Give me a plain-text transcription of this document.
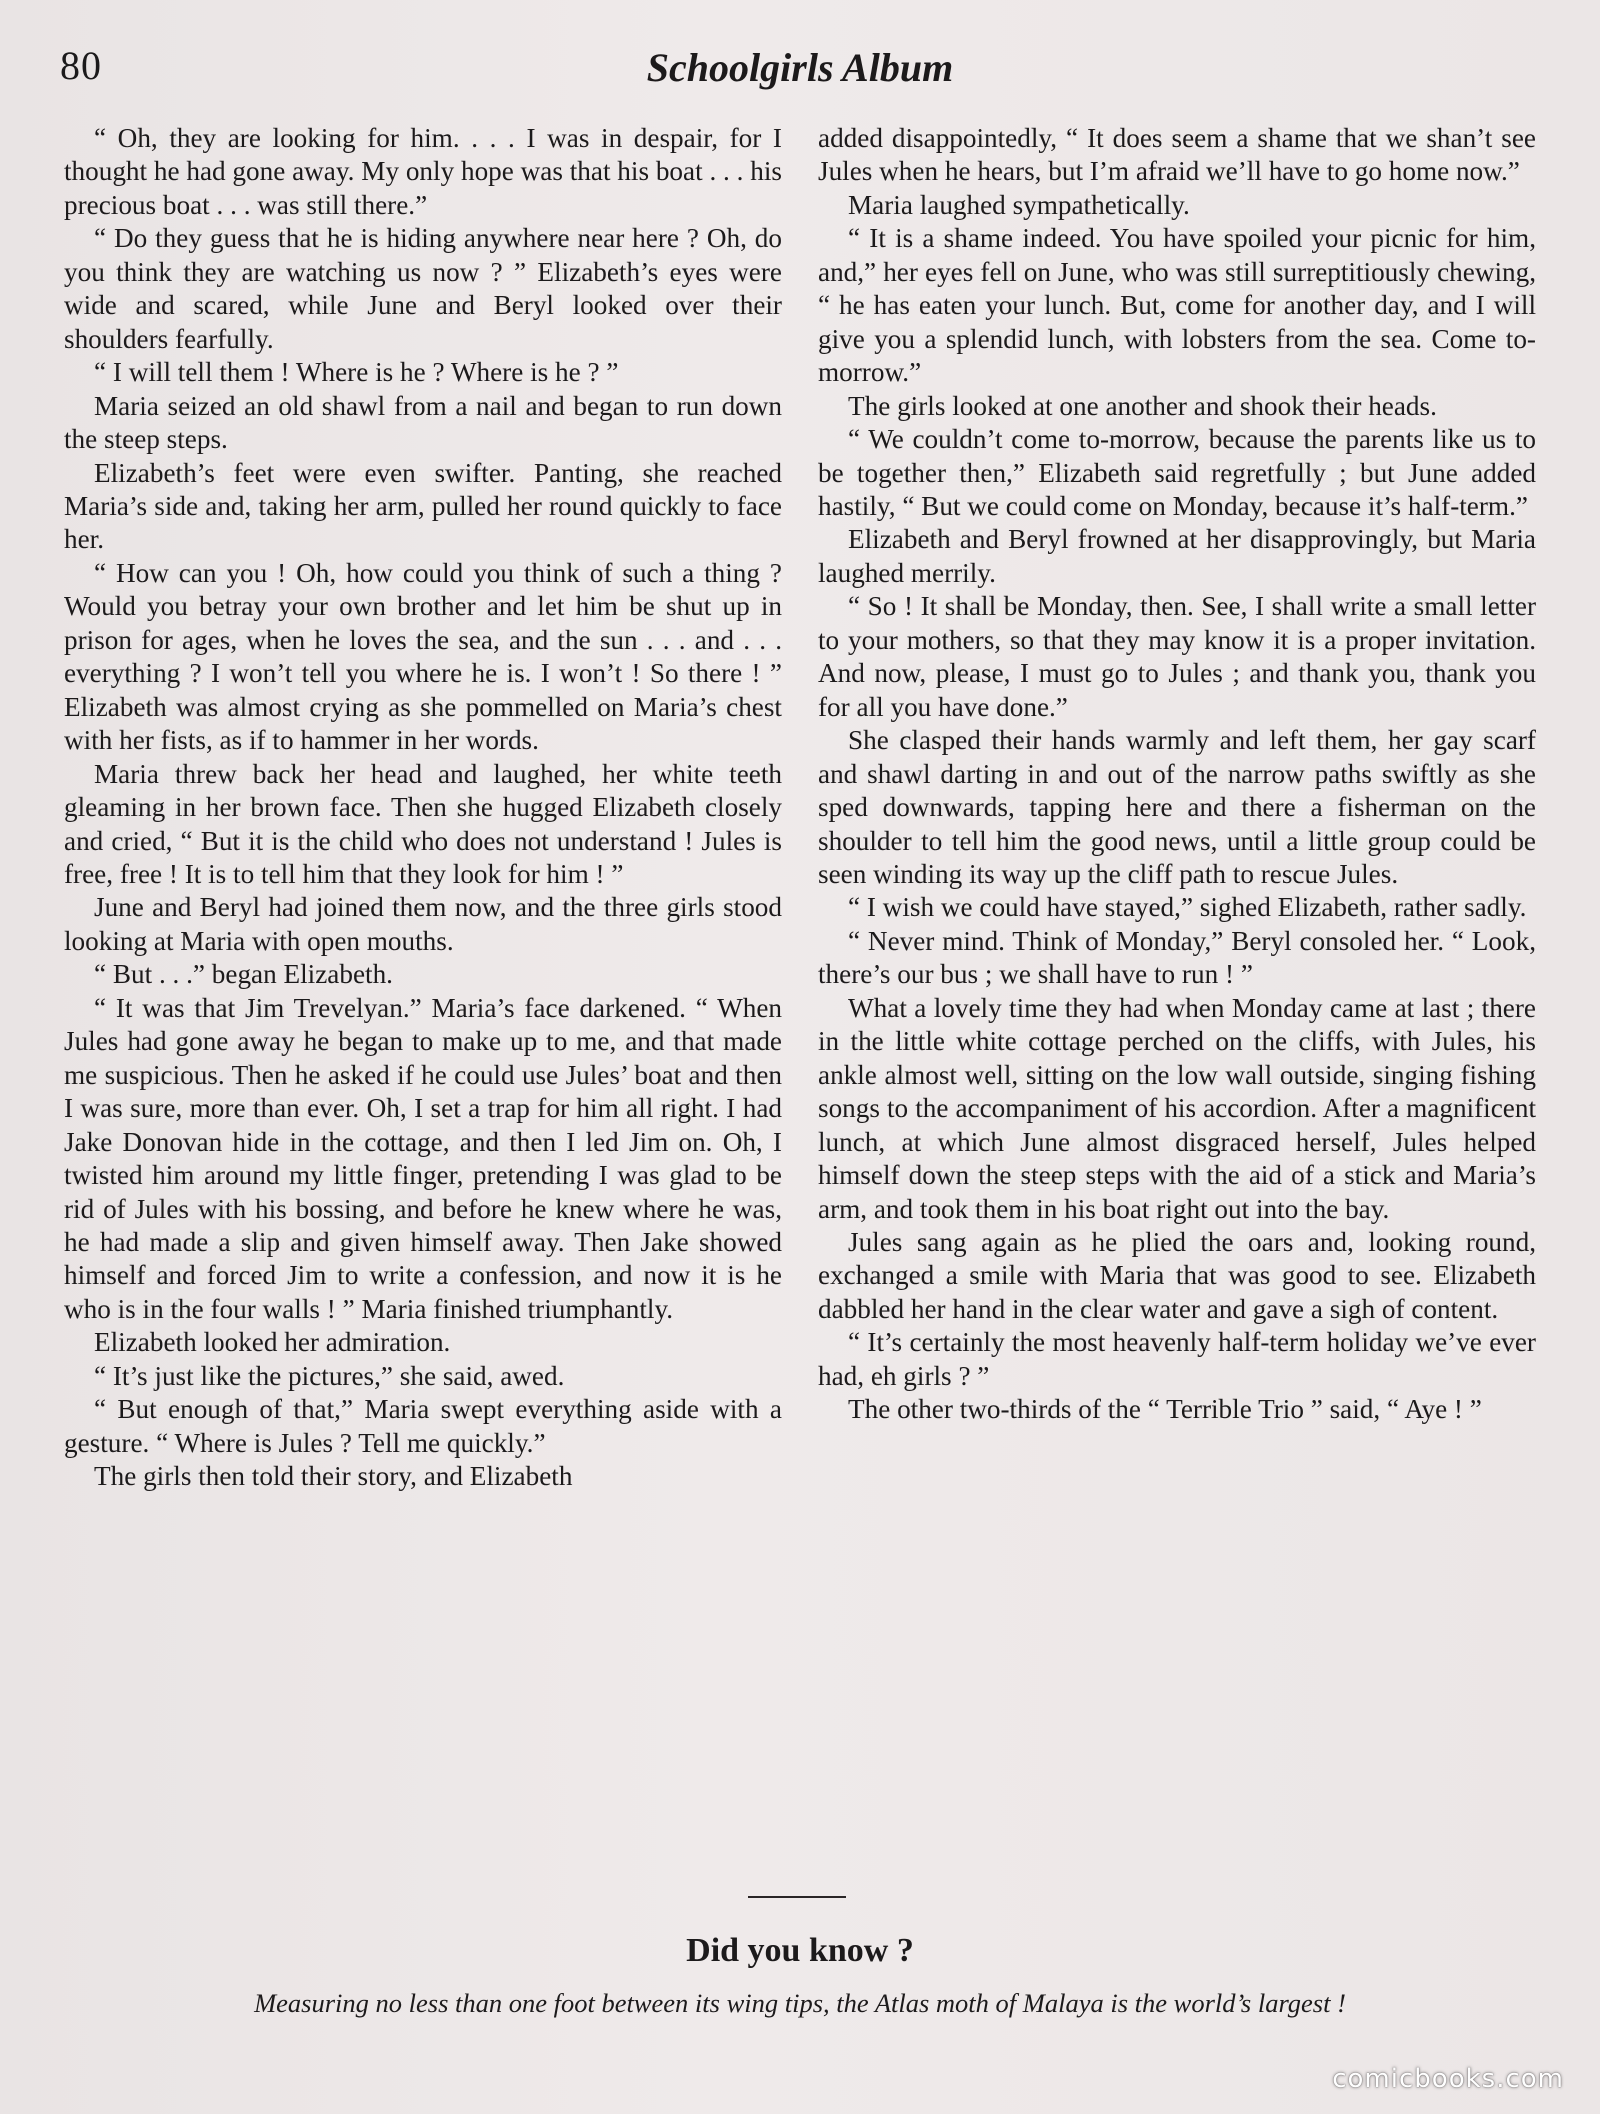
80	Schoolgirls Album

“ Oh, they are looking for him. . . . I was in despair, for I thought he had gone away. My only hope was that his boat . . . his precious boat . . . was still there.”

“ Do they guess that he is hiding anywhere near here ? Oh, do you think they are watching us now ? ” Elizabeth’s eyes were wide and scared, while June and Beryl looked over their shoulders fearfully.

“ I will tell them ! Where is he ? Where is he ? ”

Maria seized an old shawl from a nail and began to run down the steep steps.

Elizabeth’s feet were even swifter. Panting, she reached Maria’s side and, taking her arm, pulled her round quickly to face her.

“ How can you ! Oh, how could you think of such a thing ? Would you betray your own brother and let him be shut up in prison for ages, when he loves the sea, and the sun . . . and . . . everything ? I won’t tell you where he is. I won’t ! So there ! ” Elizabeth was almost crying as she pommelled on Maria’s chest with her fists, as if to hammer in her words.

Maria threw back her head and laughed, her white teeth gleaming in her brown face. Then she hugged Elizabeth closely and cried, “ But it is the child who does not understand ! Jules is free, free ! It is to tell him that they look for him ! ”

June and Beryl had joined them now, and the three girls stood looking at Maria with open mouths.

“ But . . .” began Elizabeth.

“ It was that Jim Trevelyan.” Maria’s face darkened. “ When Jules had gone away he began to make up to me, and that made me suspicious. Then he asked if he could use Jules’ boat and then I was sure, more than ever. Oh, I set a trap for him all right. I had Jake Donovan hide in the cottage, and then I led Jim on. Oh, I twisted him around my little finger, pretending I was glad to be rid of Jules with his bossing, and before he knew where he was, he had made a slip and given himself away. Then Jake showed himself and forced Jim to write a confession, and now it is he who is in the four walls ! ” Maria finished triumphantly.

Elizabeth looked her admiration.

“ It’s just like the pictures,” she said, awed.

“ But enough of that,” Maria swept everything aside with a gesture. “ Where is Jules ? Tell me quickly.”

The girls then told their story, and Elizabeth

added disappointedly, “ It does seem a shame that we shan’t see Jules when he hears, but I’m afraid we’ll have to go home now.”

Maria laughed sympathetically.

“ It is a shame indeed. You have spoiled your picnic for him, and,” her eyes fell on June, who was still surreptitiously chewing, “ he has eaten your lunch. But, come for another day, and I will give you a splendid lunch, with lobsters from the sea. Come to-morrow.”

The girls looked at one another and shook their heads.

“ We couldn’t come to-morrow, because the parents like us to be together then,” Elizabeth said regretfully ; but June added hastily, “ But we could come on Monday, because it’s half-term.”

Elizabeth and Beryl frowned at her disapprovingly, but Maria laughed merrily.

“ So ! It shall be Monday, then. See, I shall write a small letter to your mothers, so that they may know it is a proper invitation. And now, please, I must go to Jules ; and thank you, thank you for all you have done.”

She clasped their hands warmly and left them, her gay scarf and shawl darting in and out of the narrow paths swiftly as she sped downwards, tapping here and there a fisherman on the shoulder to tell him the good news, until a little group could be seen winding its way up the cliff path to rescue Jules.

“ I wish we could have stayed,” sighed Elizabeth, rather sadly.

“ Never mind. Think of Monday,” Beryl consoled her. “ Look, there’s our bus ; we shall have to run ! ”

What a lovely time they had when Monday came at last ; there in the little white cottage perched on the cliffs, with Jules, his ankle almost well, sitting on the low wall outside, singing fishing songs to the accompaniment of his accordion. After a magnificent lunch, at which June almost disgraced herself, Jules helped himself down the steep steps with the aid of a stick and Maria’s arm, and took them in his boat right out into the bay.

Jules sang again as he plied the oars and, looking round, exchanged a smile with Maria that was good to see. Elizabeth dabbled her hand in the clear water and gave a sigh of content.

“ It’s certainly the most heavenly half-term holiday we’ve ever had, eh girls ? ”

The other two-thirds of the “ Terrible Trio ” said, “ Aye ! ”

Did you know ?
Measuring no less than one foot between its wing tips, the Atlas moth of Malaya is the world’s largest !
comicbooks.com
